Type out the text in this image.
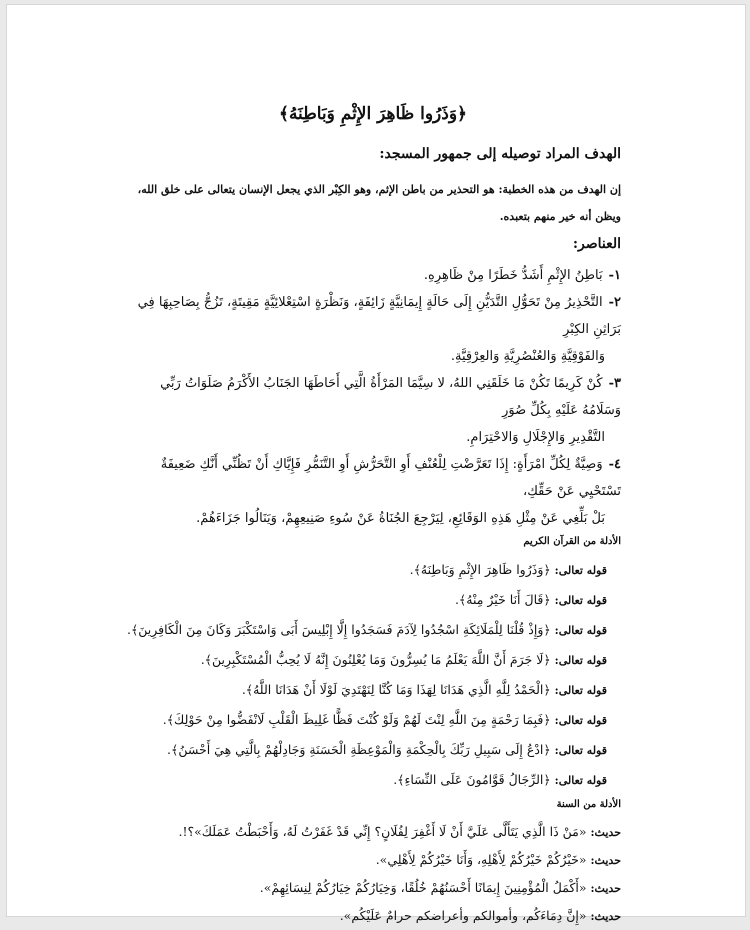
﴿وَذَرُوا ظَاهِرَ الإِثْمِ وَبَاطِنَهُ﴾
الهدف المراد توصيله إلى جمهور المسجد:

إن الهدف من هذه الخطبة: هو التحذير من باطن الإثم، وهو الكِبْر الذي يجعل الإنسان يتعالى على خلق الله، ويظن أنه خير منهم بتعبده.

العناصر:
١-بَاطِنُ الإِثْمِ أَشَدُّ خَطَرًا مِنْ ظَاهِرِهِ.
٢-التَّحْذِيرُ مِنْ تَحَوُّلِ التَّدَيُّنِ إِلَى حَالَةٍ إِيمَانِيَّةٍ زَائِفَةٍ، وَنَظْرَةٍ اسْتِعْلائِيَّةٍ مَقِيتَةٍ، تَزُجُّ بِصَاحِبِهَا فِي بَرَاثِنِ الكِبْرِ
وَالفَوْقِيَّةِ وَالعُنْصُرِيَّةِ وَالعِرْقِيَّةِ.
٣-كُنْ كَرِيمًا تَكُنْ مَا خَلَقَنِي اللهُ، لا سِيَّمَا المَرْأَةُ الَّتِي أَحَاطَهَا الجَنَابُ الأَكْرَمُ صَلَوَاتُ رَبِّي وَسَلَامُهُ عَلَيْهِ بِكُلِّ صُوَرِ
التَّقْدِيرِ وَالإِجْلَالِ وَالاحْتِرَامِ.
٤-وَصِيَّةٌ لِكُلِّ امْرَأَةٍ: إِذَا تَعَرَّضْتِ لِلْعُنْفِ أَوِ التَّحَرُّشِ أَوِ التَّنَمُّرِ فَإِيَّاكِ أَنْ تَظُنِّي أَنَّكِ ضَعِيفَةٌ تَسْتَحْيِي عَنْ حَقِّكِ،
بَلْ بَلِّغِي عَنْ مِثْلِ هَذِهِ الوَقَائِعِ، لِيَرْجِعَ الجُنَاةُ عَنْ سُوءِ صَنِيعِهِمْ، وَيَنَالُوا جَزَاءَهُمْ.
الأدلة من القرآن الكريم
قوله تعالى: ﴿وَذَرُوا ظَاهِرَ الإِثْمِ وَبَاطِنَهُ﴾.
قوله تعالى: ﴿قَالَ أَنَا خَيْرٌ مِنْهُ﴾.
قوله تعالى: ﴿وَإِذْ قُلْنَا لِلْمَلَائِكَةِ اسْجُدُوا لِآدَمَ فَسَجَدُوا إِلَّا إِبْلِيسَ أَبَى وَاسْتَكْبَرَ وَكَانَ مِنَ الْكَافِرِينَ﴾.
قوله تعالى: ﴿لَا جَرَمَ أَنَّ اللَّهَ يَعْلَمُ مَا يُسِرُّونَ وَمَا يُعْلِنُونَ إِنَّهُ لَا يُحِبُّ الْمُسْتَكْبِرِينَ﴾.
قوله تعالى: ﴿الْحَمْدُ لِلَّهِ الَّذِي هَدَانَا لِهَذَا وَمَا كُنَّا لِنَهْتَدِيَ لَوْلَا أَنْ هَدَانَا اللَّهُ﴾.
قوله تعالى: ﴿فَبِمَا رَحْمَةٍ مِنَ اللَّهِ لِنْتَ لَهُمْ وَلَوْ كُنْتَ فَظًّا غَلِيظَ الْقَلْبِ لَانْفَضُّوا مِنْ حَوْلِكَ﴾.
قوله تعالى: ﴿ادْعُ إِلَى سَبِيلِ رَبِّكَ بِالْحِكْمَةِ وَالْمَوْعِظَةِ الْحَسَنَةِ وَجَادِلْهُمْ بِالَّتِي هِيَ أَحْسَنُ﴾.
قوله تعالى: ﴿الرِّجَالُ قَوَّامُونَ عَلَى النِّسَاءِ﴾.
الأدلة من السنة
حديث: «مَنْ ذَا الَّذِي يَتَأَلَّى عَلَيَّ أَنْ لَا أَغْفِرَ لِفُلَانٍ؟ إِنِّي قَدْ غَفَرْتُ لَهُ، وَأَحْبَطْتُ عَمَلَكَ»؟!.
حديث: «خَيْرُكُمْ خَيْرُكُمْ لِأَهْلِهِ، وَأَنَا خَيْرُكُمْ لِأَهْلِي».
حديث: «أَكْمَلُ الْمُؤْمِنِينَ إِيمَانًا أَحْسَنُهُمْ خُلُقًا، وَخِيَارُكُمْ خِيَارُكُمْ لِنِسَائِهِمْ».
حديث: «إِنَّ دِمَاءَكُم، وأموالكم وأعراضكم حرامٌ عَلَيْكُم».
